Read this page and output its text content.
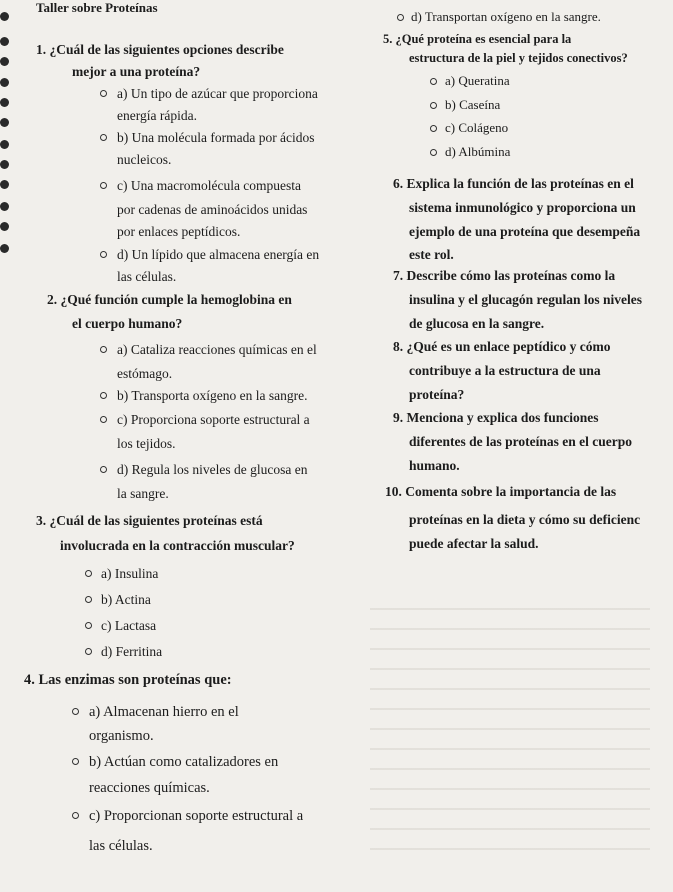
Taller sobre Proteínas
1. ¿Cuál de las siguientes opciones describe
mejor a una proteína?
a) Un tipo de azúcar que proporciona
energía rápida.
b) Una molécula formada por ácidos
nucleicos.
c) Una macromolécula compuesta
por cadenas de aminoácidos unidas
por enlaces peptídicos.
d) Un lípido que almacena energía en
las células.
2. ¿Qué función cumple la hemoglobina en
el cuerpo humano?
a) Cataliza reacciones químicas en el
estómago.
b) Transporta oxígeno en la sangre.
c) Proporciona soporte estructural a
los tejidos.
d) Regula los niveles de glucosa en
la sangre.
3. ¿Cuál de las siguientes proteínas está
involucrada en la contracción muscular?
a) Insulina
b) Actina
c) Lactasa
d) Ferritina
4. Las enzimas son proteínas que:
a) Almacenan hierro en el
organismo.
b) Actúan como catalizadores en
reacciones químicas.
c) Proporcionan soporte estructural a
las células.
d) Transportan oxígeno en la sangre.
5. ¿Qué proteína es esencial para la
estructura de la piel y tejidos conectivos?
a) Queratina
b) Caseína
c) Colágeno
d) Albúmina
6. Explica la función de las proteínas en el
sistema inmunológico y proporciona un
ejemplo de una proteína que desempeña
este rol.
7. Describe cómo las proteínas como la
insulina y el glucagón regulan los niveles
de glucosa en la sangre.
8. ¿Qué es un enlace peptídico y cómo
contribuye a la estructura de una
proteína?
9. Menciona y explica dos funciones
diferentes de las proteínas en el cuerpo
humano.
10. Comenta sobre la importancia de las
proteínas en la dieta y cómo su deficienc
puede afectar la salud.
